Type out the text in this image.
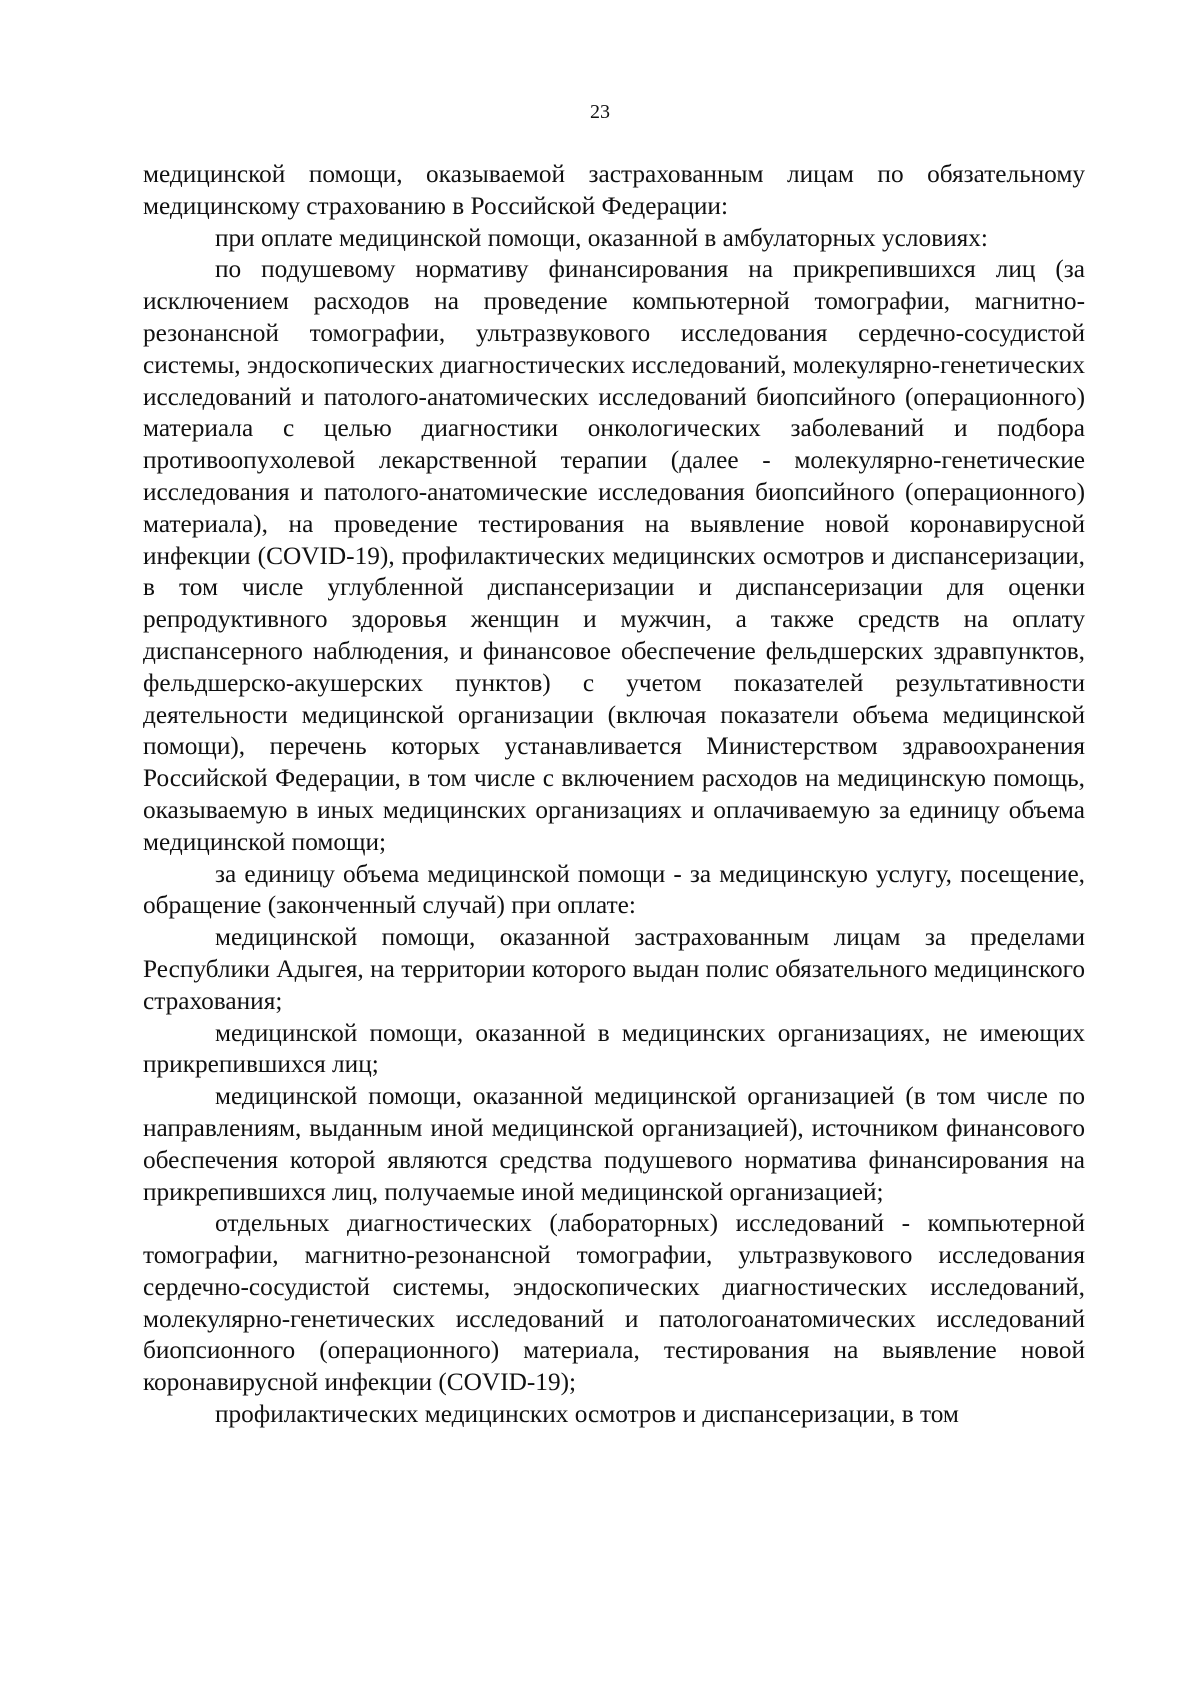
23

медицинской помощи, оказываемой застрахованным лицам по обязательному медицинскому страхованию в Российской Федерации:

при оплате медицинской помощи, оказанной в амбулаторных условиях:

по подушевому нормативу финансирования на прикрепившихся лиц (за исключением расходов на проведение компьютерной томографии, магнитно-резонансной томографии, ультразвукового исследования сердечно-сосудистой системы, эндоскопических диагностических исследований, молекулярно-генетических исследований и патолого-анатомических исследований биопсийного (операционного) материала с целью диагностики онкологических заболеваний и подбора противоопухолевой лекарственной терапии (далее - молекулярно-генетические исследования и патолого-анатомические исследования биопсийного (операционного) материала), на проведение тестирования на выявление новой коронавирусной инфекции (COVID-19), профилактических медицинских осмотров и диспансеризации, в том числе углубленной диспансеризации и диспансеризации для оценки репродуктивного здоровья женщин и мужчин, а также средств на оплату диспансерного наблюдения, и финансовое обеспечение фельдшерских здравпунктов, фельдшерско-акушерских пунктов) с учетом показателей результативности деятельности медицинской организации (включая показатели объема медицинской помощи), перечень которых устанавливается Министерством здравоохранения Российской Федерации, в том числе с включением расходов на медицинскую помощь, оказываемую в иных медицинских организациях и оплачиваемую за единицу объема медицинской помощи;

за единицу объема медицинской помощи - за медицинскую услугу, посещение, обращение (законченный случай) при оплате:

медицинской помощи, оказанной застрахованным лицам за пределами Республики Адыгея, на территории которого выдан полис обязательного медицинского страхования;

медицинской помощи, оказанной в медицинских организациях, не имеющих прикрепившихся лиц;

медицинской помощи, оказанной медицинской организацией (в том числе по направлениям, выданным иной медицинской организацией), источником финансового обеспечения которой являются средства подушевого норматива финансирования на прикрепившихся лиц, получаемые иной медицинской организацией;

отдельных диагностических (лабораторных) исследований - компьютерной томографии, магнитно-резонансной томографии, ультразвукового исследования сердечно-сосудистой системы, эндоскопических диагностических исследований, молекулярно-генетических исследований и патологоанатомических исследований биопсионного (операционного) материала, тестирования на выявление новой коронавирусной инфекции (COVID-19);

профилактических медицинских осмотров и диспансеризации, в том
